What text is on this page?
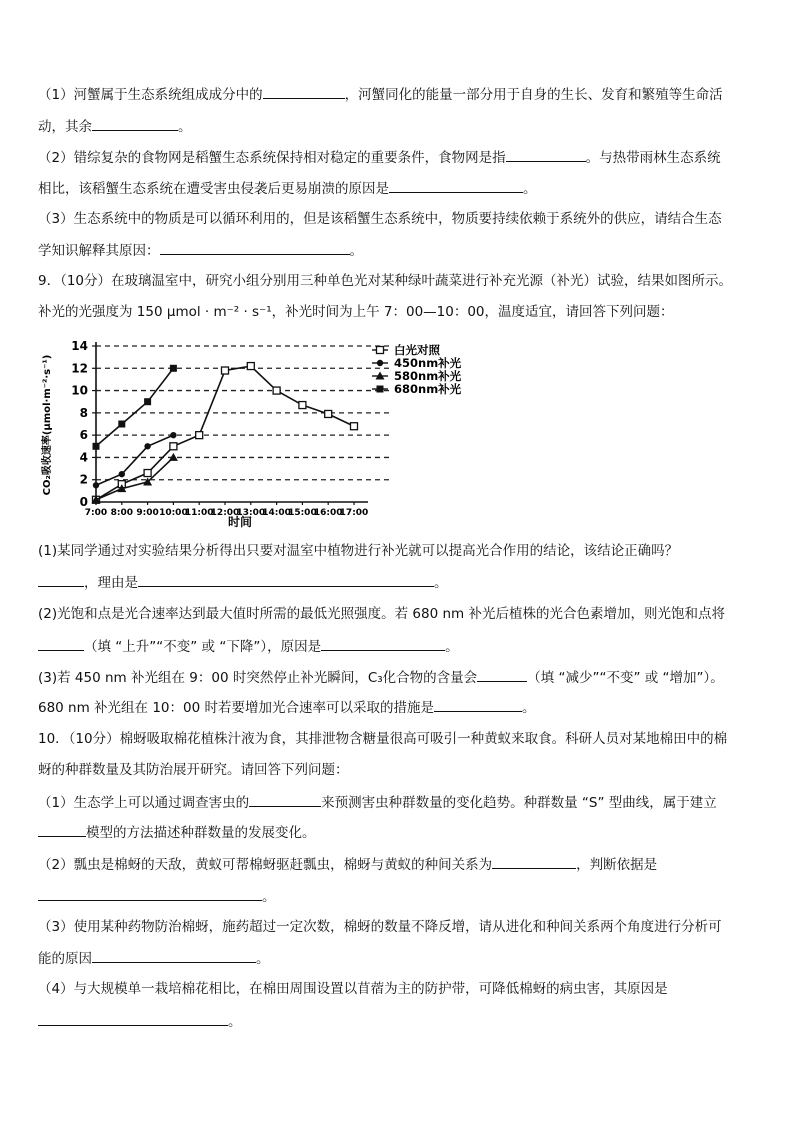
（1）河蟹属于生态系统组成成分中的	，河蟹同化的能量一部分用于自身的生长、发育和繁殖等生命活
动，其余	。
（2）错综复杂的食物网是稻蟹生态系统保持相对稳定的重要条件，食物网是指	。与热带雨林生态系统
相比，该稻蟹生态系统在遭受害虫侵袭后更易崩溃的原因是	。
（3）生态系统中的物质是可以循环利用的，但是该稻蟹生态系统中，物质要持续依赖于系统外的供应，请结合生态
学知识解释其原因：	。
9．（10分）在玻璃温室中，研究小组分别用三种单色光对某种绿叶蔬菜进行补充光源（补光）试验，结果如图所示。
补光的光强度为 150 μmol · m⁻² · s⁻¹，补光时间为上午 7：00—10：00，温度适宜，请回答下列问题：
0
2
4
6
8
10
12
14
7:00 8:00 9:00 10:00
11:00
12:00
13:00
14:00
15:00
16:00
17:00
白光对照
450nm补光
580nm补光
680nm补光
CO₂吸收速率(μmol·m⁻²·s⁻¹)
时间
(1)某同学通过对实验结果分析得出只要对温室中植物进行补光就可以提高光合作用的结论，该结论正确吗？
，理由是	。
(2)光饱和点是光合速率达到最大值时所需的最低光照强度。若 680 nm 补光后植株的光合色素增加，则光饱和点将
（填 “上升”“不变” 或 “下降”），原因是	。
(3)若 450 nm 补光组在 9：00 时突然停止补光瞬间，C₃化合物的含量会	（填 “减少”“不变” 或 “增加”）。
680 nm 补光组在 10：00 时若要增加光合速率可以采取的措施是	。
10．（10分）棉蚜吸取棉花植株汁液为食，其排泄物含糖量很高可吸引一种黄蚁来取食。科研人员对某地棉田中的棉
蚜的种群数量及其防治展开研究。请回答下列问题：
（1）生态学上可以通过调查害虫的	来预测害虫种群数量的变化趋势。种群数量 “S” 型曲线，属于建立
模型的方法描述种群数量的发展变化。
（2）瓢虫是棉蚜的天敌，黄蚁可帮棉蚜驱赶瓢虫，棉蚜与黄蚁的种间关系为	，判断依据是
。
（3）使用某种药物防治棉蚜，施药超过一定次数，棉蚜的数量不降反增，请从进化和种间关系两个角度进行分析可
能的原因	。
（4）与大规模单一栽培棉花相比，在棉田周围设置以苜蓿为主的防护带，可降低棉蚜的病虫害，其原因是
。
